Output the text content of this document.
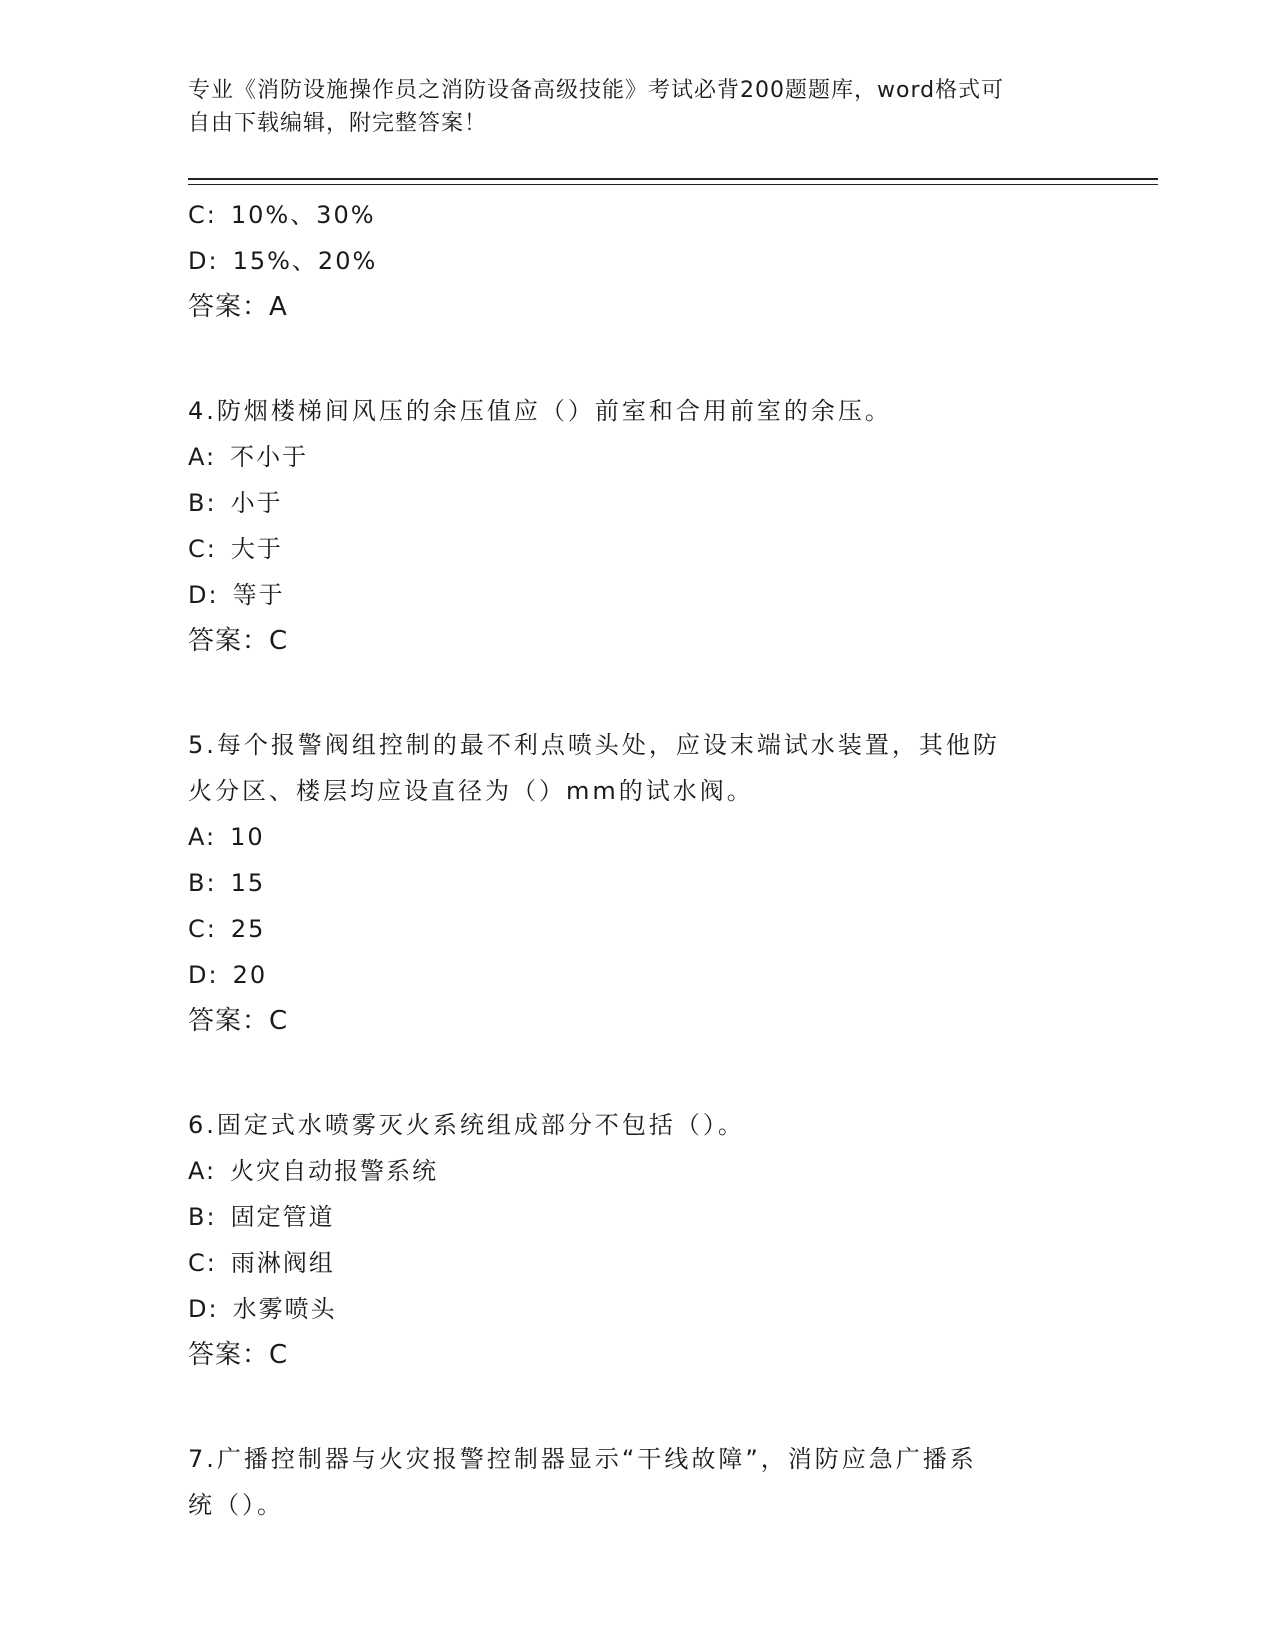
专业《消防设施操作员之消防设备高级技能》考试必背200题题库，word格式可
自由下载编辑，附完整答案！
C: 10%、30%
D: 15%、20%
答案：A
4.防烟楼梯间风压的余压值应（）前室和合用前室的余压。
A: 不小于
B: 小于
C: 大于
D: 等于
答案：C
5.每个报警阀组控制的最不利点喷头处，应设末端试水装置，其他防
火分区、楼层均应设直径为（）mm的试水阀。
A: 10
B: 15
C: 25
D: 20
答案：C
6.固定式水喷雾灭火系统组成部分不包括（）。
A: 火灾自动报警系统
B: 固定管道
C: 雨淋阀组
D: 水雾喷头
答案：C
7.广播控制器与火灾报警控制器显示“干线故障”，消防应急广播系
统（）。
